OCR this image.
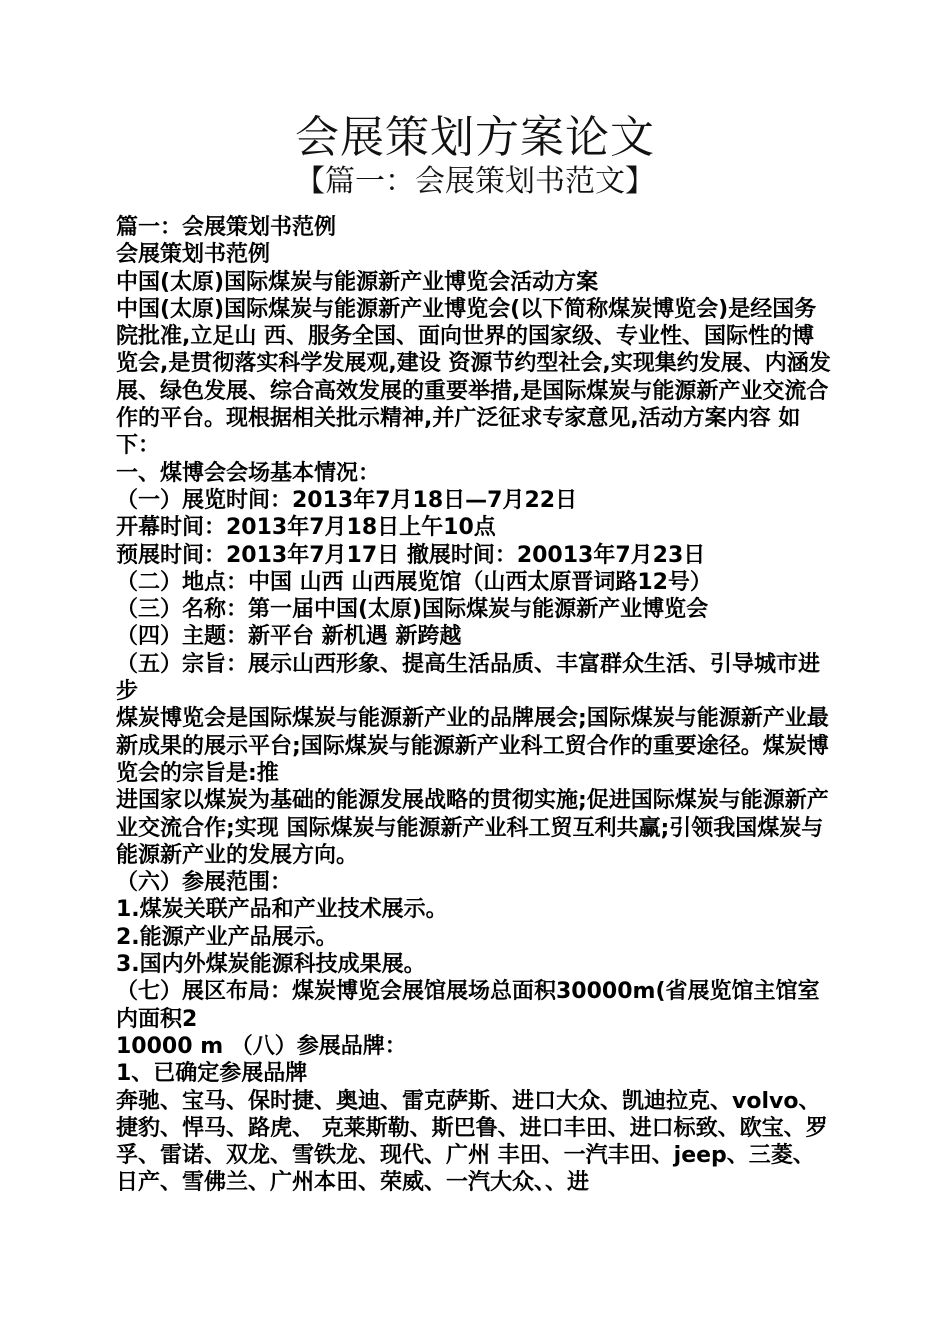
会展策划方案论文
【篇一：会展策划书范文】

篇一：会展策划书范例

会展策划书范例

中国(太原)国际煤炭与能源新产业博览会活动方案

中国(太原)国际煤炭与能源新产业博览会(以下简称煤炭博览会)是经国务院批准,立足山 西、服务全国、面向世界的国家级、专业性、国际性的博览会,是贯彻落实科学发展观,建设 资源节约型社会,实现集约发展、内涵发展、绿色发展、综合高效发展的重要举措,是国际煤炭与能源新产业交流合作的平台。现根据相关批示精神,并广泛征求专家意见,活动方案内容 如下：

一、煤博会会场基本情况：

（一）展览时间：2013年7月18日—7月22日

开幕时间：2013年7月18日上午10点

预展时间：2013年7月17日 撤展时间：20013年7月23日

（二）地点：中国 山西 山西展览馆（山西太原晋词路12号）

（三）名称：第一届中国(太原)国际煤炭与能源新产业博览会

（四）主题：新平台 新机遇 新跨越

（五）宗旨：展示山西形象、提高生活品质、丰富群众生活、引导城市进步

煤炭博览会是国际煤炭与能源新产业的品牌展会;国际煤炭与能源新产业最新成果的展示平台;国际煤炭与能源新产业科工贸合作的重要途径。煤炭博览会的宗旨是:推

进国家以煤炭为基础的能源发展战略的贯彻实施;促进国际煤炭与能源新产业交流合作;实现 国际煤炭与能源新产业科工贸互利共赢;引领我国煤炭与能源新产业的发展方向。

（六）参展范围：

1.煤炭关联产品和产业技术展示。

2.能源产业产品展示。

3.国内外煤炭能源科技成果展。

（七）展区布局：煤炭博览会展馆展场总面积30000m(省展览馆主馆室内面积2

10000 m （八）参展品牌：

1、已确定参展品牌

奔驰、宝马、保时捷、奥迪、雷克萨斯、进口大众、凯迪拉克、volvo、捷豹、悍马、路虎、 克莱斯勒、斯巴鲁、进口丰田、进口标致、欧宝、罗孚、雷诺、双龙、雪铁龙、现代、广州 丰田、一汽丰田、jeep、三菱、日产、雪佛兰、广州本田、荣威、一汽大众、、进
